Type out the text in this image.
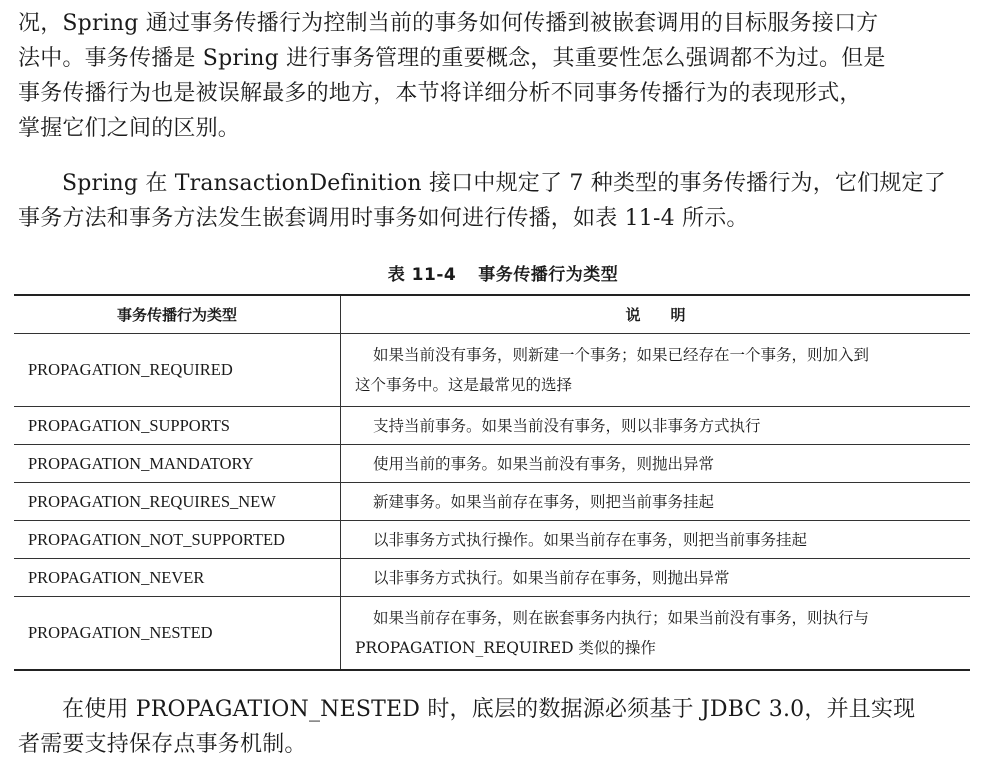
况，Spring 通过事务传播行为控制当前的事务如何传播到被嵌套调用的目标服务接口方
法中。事务传播是 Spring 进行事务管理的重要概念，其重要性怎么强调都不为过。但是
事务传播行为也是被误解最多的地方，本节将详细分析不同事务传播行为的表现形式，
掌握它们之间的区别。
Spring 在 TransactionDefinition 接口中规定了 7 种类型的事务传播行为，它们规定了
事务方法和事务方法发生嵌套调用时事务如何进行传播，如表 11-4 所示。
表 11-4 事务传播行为类型
事务传播行为类型	说　　明
PROPAGATION_REQUIRED	如果当前没有事务，则新建一个事务；如果已经存在一个事务，则加入到
这个事务中。这是最常见的选择

PROPAGATION_SUPPORTS	支持当前事务。如果当前没有事务，则以非事务方式执行

PROPAGATION_MANDATORY	使用当前的事务。如果当前没有事务，则抛出异常

PROPAGATION_REQUIRES_NEW	新建事务。如果当前存在事务，则把当前事务挂起

PROPAGATION_NOT_SUPPORTED	以非事务方式执行操作。如果当前存在事务，则把当前事务挂起

PROPAGATION_NEVER	以非事务方式执行。如果当前存在事务，则抛出异常

PROPAGATION_NESTED	如果当前存在事务，则在嵌套事务内执行；如果当前没有事务，则执行与
PROPAGATION_REQUIRED 类似的操作
在使用 PROPAGATION_NESTED 时，底层的数据源必须基于 JDBC 3.0，并且实现
者需要支持保存点事务机制。
